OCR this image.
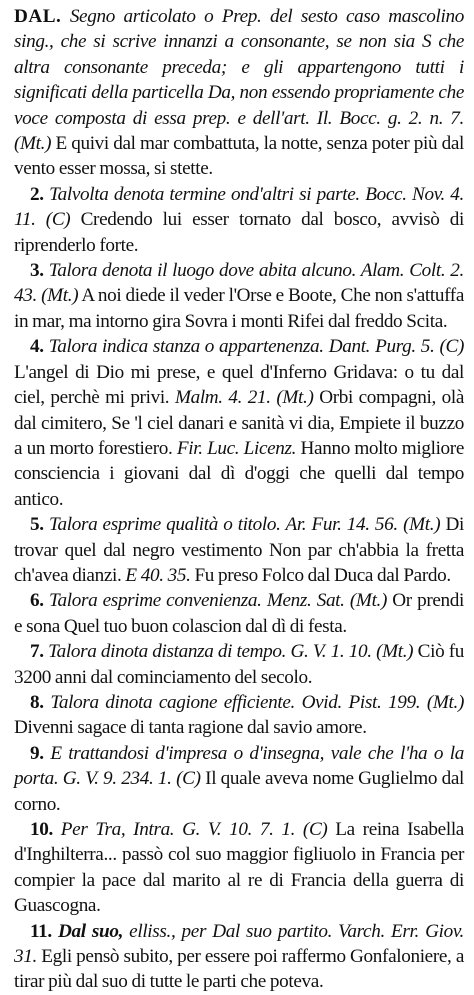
DAL. Segno articolato o Prep. del sesto caso mascolino sing., che si scrive innanzi a consonante, se non sia S che altra consonante preceda; e gli appartengono tutti i significati della particella Da, non essendo propriamente che voce composta di essa prep. e dell'art. Il. Bocc. g. 2. n. 7. (Mt.) E quivi dal mar combattuta, la notte, senza poter più dal vento esser mossa, si stette.

2. Talvolta denota termine ond'altri si parte. Bocc. Nov. 4. 11. (C) Credendo lui esser tornato dal bosco, avvisò di riprenderlo forte.

3. Talora denota il luogo dove abita alcuno. Alam. Colt. 2. 43. (Mt.) A noi diede il veder l'Orse e Boote, Che non s'attuffa in mar, ma intorno gira Sovra i monti Rifei dal freddo Scita.

4. Talora indica stanza o appartenenza. Dant. Purg. 5. (C) L'angel di Dio mi prese, e quel d'Inferno Gridava: o tu dal ciel, perchè mi privi. Malm. 4. 21. (Mt.) Orbi compagni, olà dal cimitero, Se 'l ciel danari e sanità vi dia, Empiete il buzzo a un morto forestiero. Fir. Luc. Licenz. Hanno molto migliore consciencia i giovani dal dì d'oggi che quelli dal tempo antico.

5. Talora esprime qualità o titolo. Ar. Fur. 14. 56. (Mt.) Di trovar quel dal negro vestimento Non par ch'abbia la fretta ch'avea dianzi. E 40. 35. Fu preso Folco dal Duca dal Pardo.

6. Talora esprime convenienza. Menz. Sat. (Mt.) Or prendi e sona Quel tuo buon colascion dal dì di festa.

7. Talora dinota distanza di tempo. G. V. 1. 10. (Mt.) Ciò fu 3200 anni dal cominciamento del secolo.

8. Talora dinota cagione efficiente. Ovid. Pist. 199. (Mt.) Divenni sagace di tanta ragione dal savio amore.

9. E trattandosi d'impresa o d'insegna, vale che l'ha o la porta. G. V. 9. 234. 1. (C) Il quale aveva nome Guglielmo dal corno.

10. Per Tra, Intra. G. V. 10. 7. 1. (C) La reina Isabella d'Inghilterra... passò col suo maggior figliuolo in Francia per compier la pace dal marito al re di Francia della guerra di Guascogna.

11. Dal suo, elliss., per Dal suo partito. Varch. Err. Giov. 31. Egli pensò subito, per essere poi raffermo Gonfaloniere, a tirar più dal suo di tutte le parti che poteva.
